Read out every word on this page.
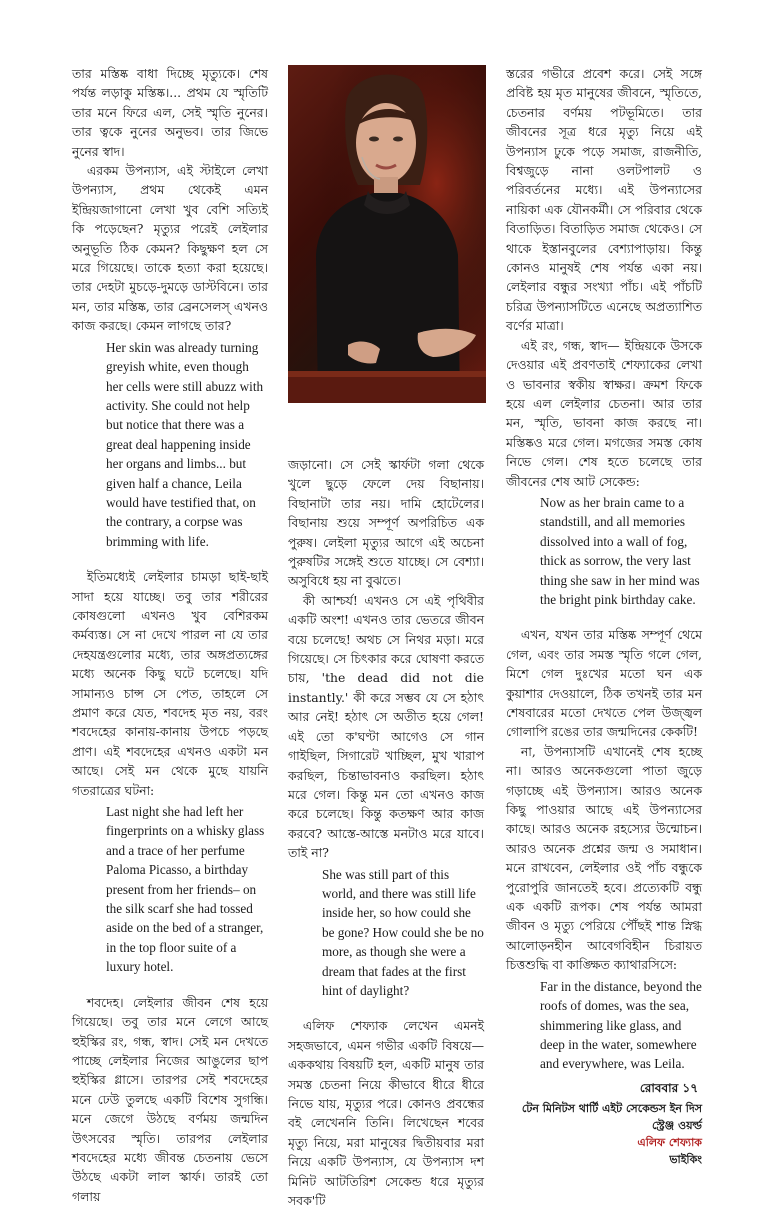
তার মস্তিষ্ক বাধা দিচ্ছে মৃত্যুকে। শেষ পর্যন্ত লড়াকু মস্তিষ্ক।... প্রথম যে স্মৃতিটি তার মনে ফিরে এল, সেই স্মৃতি নুনের। তার ত্বকে নুনের অনুভব। তার জিভে নুনের স্বাদ।

এরকম উপন্যাস, এই স্টাইলে লেখা উপন্যাস, প্রথম থেকেই এমন ইন্দ্রিয়জাগানো লেখা খুব বেশি সত্যিই কি পড়েছেন? মৃত্যুর পরেই লেইলার অনুভূতি ঠিক কেমন? কিছুক্ষণ হল সে মরে গিয়েছে। তাকে হত্যা করা হয়েছে। তার দেহটা মুচড়ে-দুমড়ে ডাস্টবিনে। তার মন, তার মস্তিষ্ক, তার ব্রেনসেলস্ এখনও কাজ করছে। কেমন লাগছে তার?

Her skin was already turning greyish white, even though her cells were still abuzz with activity. She could not help but notice that there was a great deal happening inside her organs and limbs... but given half a chance, Leila would have testified that, on the contrary, a corpse was brimming with life.

ইতিমধ্যেই লেইলার চামড়া ছাই-ছাই সাদা হয়ে যাচ্ছে। তবু তার শরীরের কোষগুলো এখনও খুব বেশিরকম কর্মব্যস্ত। সে না দেখে পারল না যে তার দেহযন্ত্রগুলোর মধ্যে, তার অঙ্গপ্রত্যঙ্গের মধ্যে অনেক কিছু ঘটে চলেছে। যদি সামান্যও চান্স সে পেত, তাহলে সে প্রমাণ করে যেত, শবদেহ মৃত নয়, বরং শবদেহের কানায়-কানায় উপচে পড়ছে প্রাণ। এই শবদেহের এখনও একটা মন আছে। সেই মন থেকে মুছে যায়নি গতরাত্রের ঘটনা:

Last night she had left her fingerprints on a whisky glass and a trace of her perfume Paloma Picasso, a birthday present from her friends– on the silk scarf she had tossed aside on the bed of a stranger, in the top floor suite of a luxury hotel.

শবদেহ। লেইলার জীবন শেষ হয়ে গিয়েছে। তবু তার মনে লেগে আছে হুইস্কির রং, গন্ধ, স্বাদ। সেই মন দেখতে পাচ্ছে লেইলার নিজের আঙুলের ছাপ হুইস্কির গ্লাসে। তারপর সেই শবদেহের মনে ঢেউ তুলছে একটি বিশেষ সুগন্ধি। মনে জেগে উঠছে বর্ণময় জন্মদিন উৎসবের স্মৃতি। তারপর লেইলার শবদেহের মধ্যে জীবন্ত চেতনায় ভেসে উঠছে একটা লাল স্কার্ফ। তারই তো গলায়

জড়ানো। সে সেই স্কার্ফটা গলা থেকে খুলে ছুড়ে ফেলে দেয় বিছানায়। বিছানাটা তার নয়। দামি হোটেলের। বিছানায় শুয়ে সম্পূর্ণ অপরিচিত এক পুরুষ। লেইলা মৃত্যুর আগে এই অচেনা পুরুষটির সঙ্গেই শুতে যাচ্ছে। সে বেশ্যা। অসুবিধে হয় না বুঝতে।

কী আশ্চর্য! এখনও সে এই পৃথিবীর একটি অংশ! এখনও তার ভেতরে জীবন বয়ে চলেছে! অথচ সে নিথর মড়া। মরে গিয়েছে। সে চিৎকার করে ঘোষণা করতে চায়, 'the dead did not die instantly.' কী করে সম্ভব যে সে হঠাৎ আর নেই! হঠাৎ সে অতীত হয়ে গেল! এই তো ক'ঘণ্টা আগেও সে গান গাইছিল, সিগারেট খাচ্ছিল, মুখ খারাপ করছিল, চিন্তাভাবনাও করছিল। হঠাৎ মরে গেল। কিন্তু মন তো এখনও কাজ করে চলেছে। কিন্তু কতক্ষণ আর কাজ করবে? আস্তে-আস্তে মনটাও মরে যাবে। তাই না?

She was still part of this world, and there was still life inside her, so how could she be gone? How could she be no more, as though she were a dream that fades at the first hint of daylight?

এলিফ শেফ্যাক লেখেন এমনই সহজভাবে, এমন গভীর একটি বিষয়ে— এককথায় বিষয়টি হল, একটি মানুষ তার সমস্ত চেতনা নিয়ে কীভাবে ধীরে ধীরে নিভে যায়, মৃত্যুর পরে। কোনও প্রবন্ধের বই লেখেননি তিনি। লিখেছেন শবের মৃত্যু নিয়ে, মরা মানুষের দ্বিতীয়বার মরা নিয়ে একটি উপন্যাস, যে উপন্যাস দশ মিনিট আটতিরিশ সেকেন্ড ধরে মৃত্যুর সবক'টি

স্তরের গভীরে প্রবেশ করে। সেই সঙ্গে প্রবিষ্ট হয় মৃত মানুষের জীবনে, স্মৃতিতে, চেতনার বর্ণময় পটভূমিতে। তার জীবনের সূত্র ধরে মৃত্যু নিয়ে এই উপন্যাস ঢুকে পড়ে সমাজ, রাজনীতি, বিশ্বজুড়ে নানা ওলটপালট ও পরিবর্তনের মধ্যে। এই উপন্যাসের নায়িকা এক যৌনকর্মী। সে পরিবার থেকে বিতাড়িত। বিতাড়িত সমাজ থেকেও। সে থাকে ইস্তানবুলের বেশ্যাপাড়ায়। কিন্তু কোনও মানুষই শেষ পর্যন্ত একা নয়। লেইলার বন্ধুর সংখ্যা পাঁচ। এই পাঁচটি চরিত্র উপন্যাসটিতে এনেছে অপ্রত্যাশিত বর্ণের মাত্রা।

এই রং, গন্ধ, স্বাদ— ইন্দ্রিয়কে উসকে দেওয়ার এই প্রবণতাই শেফ্যাকের লেখা ও ভাবনার স্বকীয় স্বাক্ষর। ক্রমশ ফিকে হয়ে এল লেইলার চেতনা। আর তার মন, স্মৃতি, ভাবনা কাজ করছে না। মস্তিষ্কও মরে গেল। মগজের সমস্ত কোষ নিভে গেল। শেষ হতে চলেছে তার জীবনের শেষ আট সেকেন্ড:

Now as her brain came to a standstill, and all memories dissolved into a wall of fog, thick as sorrow, the very last thing she saw in her mind was the bright pink birthday cake.

এখন, যখন তার মস্তিষ্ক সম্পূর্ণ থেমে গেল, এবং তার সমস্ত স্মৃতি গলে গেল, মিশে গেল দুঃখের মতো ঘন এক কুয়াশার দেওয়ালে, ঠিক তখনই তার মন শেষবারের মতো দেখতে পেল উজ্জ্বল গোলাপি রঙের তার জন্মদিনের কেকটি!

না, উপন্যাসটি এখানেই শেষ হচ্ছে না। আরও অনেকগুলো পাতা জুড়ে গড়াচ্ছে এই উপন্যাস। আরও অনেক কিছু পাওয়ার আছে এই উপন্যাসের কাছে। আরও অনেক রহস্যের উন্মোচন। আরও অনেক প্রশ্নের জন্ম ও সমাধান। মনে রাখবেন, লেইলার ওই পাঁচ বন্ধুকে পুরোপুরি জানতেই হবে। প্রত্যেকটি বন্ধু এক একটি রূপক। শেষ পর্যন্ত আমরা জীবন ও মৃত্যু পেরিয়ে পৌঁছই শান্ত স্নিগ্ধ আলোড়নহীন আবেগবিহীন চিরায়ত চিত্তশুদ্ধি বা কাঙ্ক্ষিত ক্যাথারসিসে:

Far in the distance, beyond the roofs of domes, was the sea, shimmering like glass, and deep in the water, somewhere and everywhere, was Leila.

টেন মিনিটস থার্টি এইট সেকেন্ডস ইন দিস
স্ট্রেঞ্জ ওয়র্ল্ড
এলিফ শেফ্যাক
ভাইকিং
রোববার ১৭
